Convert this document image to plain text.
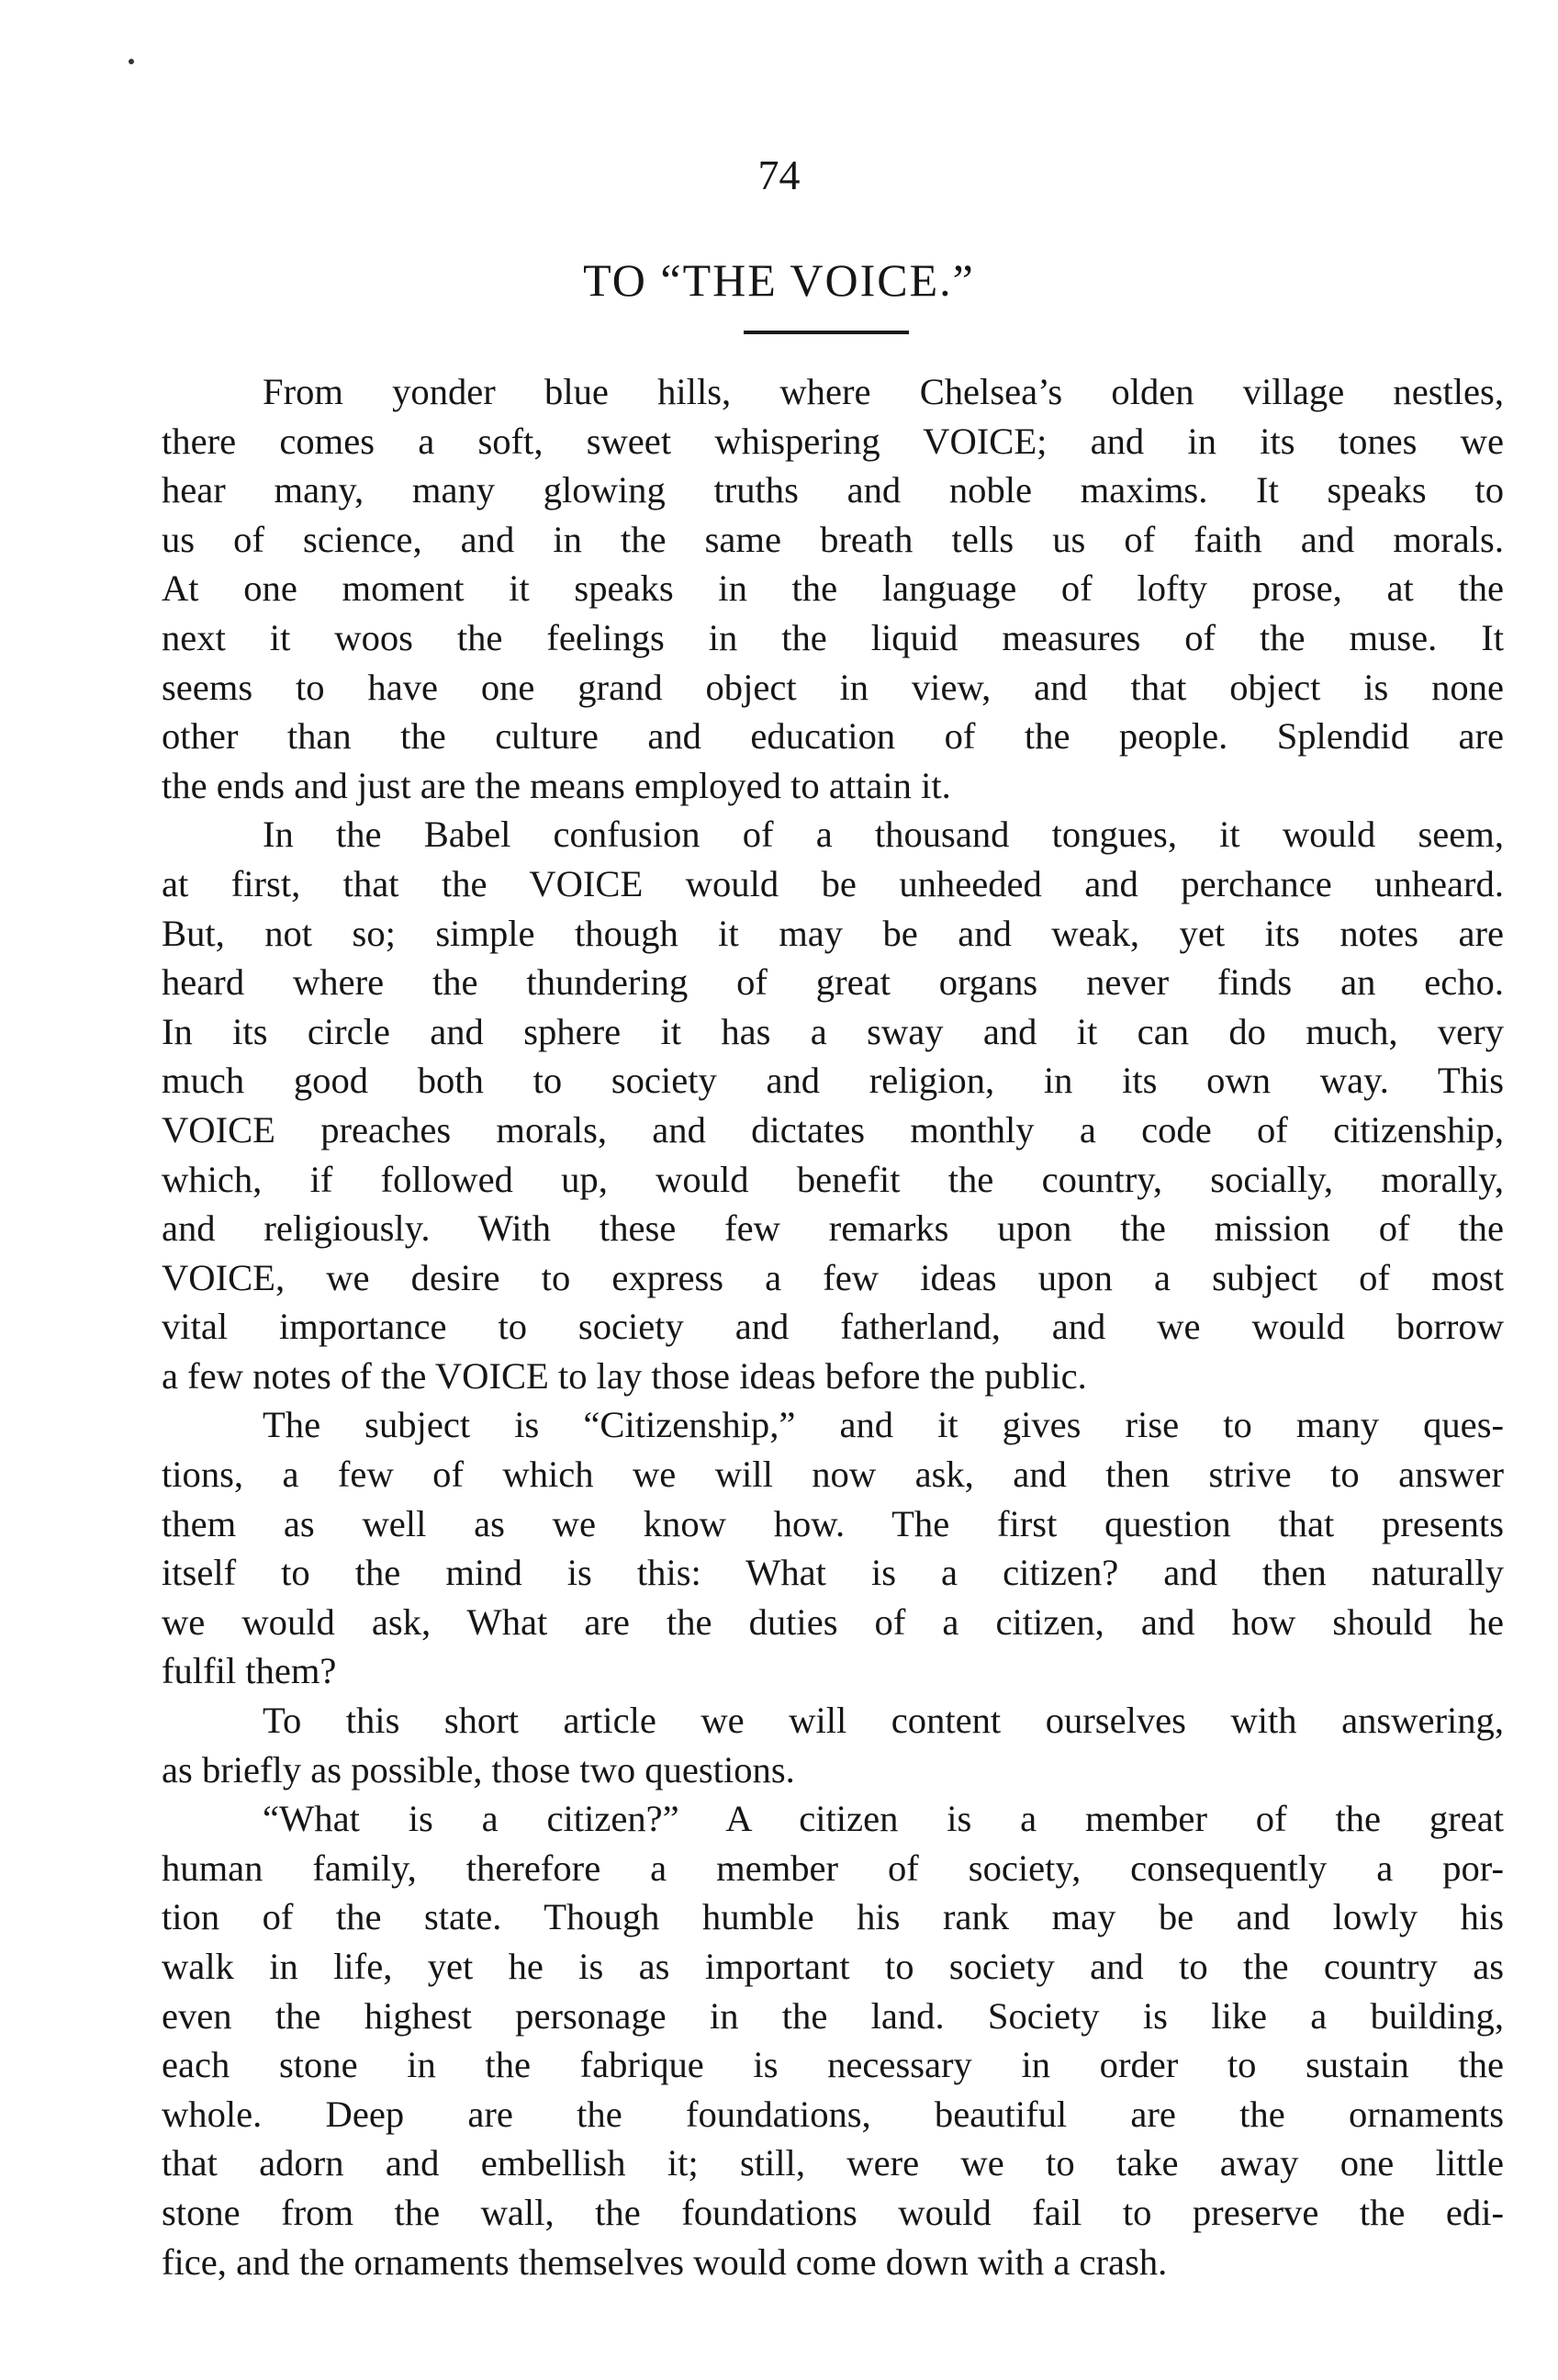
74
TO “THE VOICE.”
From yonder blue hills, where Chelsea’s olden village nestles,
there comes a soft, sweet whispering VOICE; and in its tones we
hear many, many glowing truths and noble maxims. It speaks to
us of science, and in the same breath tells us of faith and morals.
At one moment it speaks in the language of lofty prose, at the
next it woos the feelings in the liquid measures of the muse. It
seems to have one grand object in view, and that object is none
other than the culture and education of the people. Splendid are
the ends and just are the means employed to attain it.
In the Babel confusion of a thousand tongues, it would seem,
at first, that the VOICE would be unheeded and perchance unheard.
But, not so; simple though it may be and weak, yet its notes are
heard where the thundering of great organs never finds an echo.
In its circle and sphere it has a sway and it can do much, very
much good both to society and religion, in its own way. This
VOICE preaches morals, and dictates monthly a code of citizenship,
which, if followed up, would benefit the country, socially, morally,
and religiously. With these few remarks upon the mission of the
VOICE, we desire to express a few ideas upon a subject of most
vital importance to society and fatherland, and we would borrow
a few notes of the VOICE to lay those ideas before the public.
The subject is “Citizenship,” and it gives rise to many ques-
tions, a few of which we will now ask, and then strive to answer
them as well as we know how. The first question that presents
itself to the mind is this: What is a citizen? and then naturally
we would ask, What are the duties of a citizen, and how should he
fulfil them?
To this short article we will content ourselves with answering,
as briefly as possible, those two questions.
“What is a citizen?” A citizen is a member of the great
human family, therefore a member of society, consequently a por-
tion of the state. Though humble his rank may be and lowly his
walk in life, yet he is as important to society and to the country as
even the highest personage in the land. Society is like a building,
each stone in the fabrique is necessary in order to sustain the
whole. Deep are the foundations, beautiful are the ornaments
that adorn and embellish it; still, were we to take away one little
stone from the wall, the foundations would fail to preserve the edi-
fice, and the ornaments themselves would come down with a crash.
